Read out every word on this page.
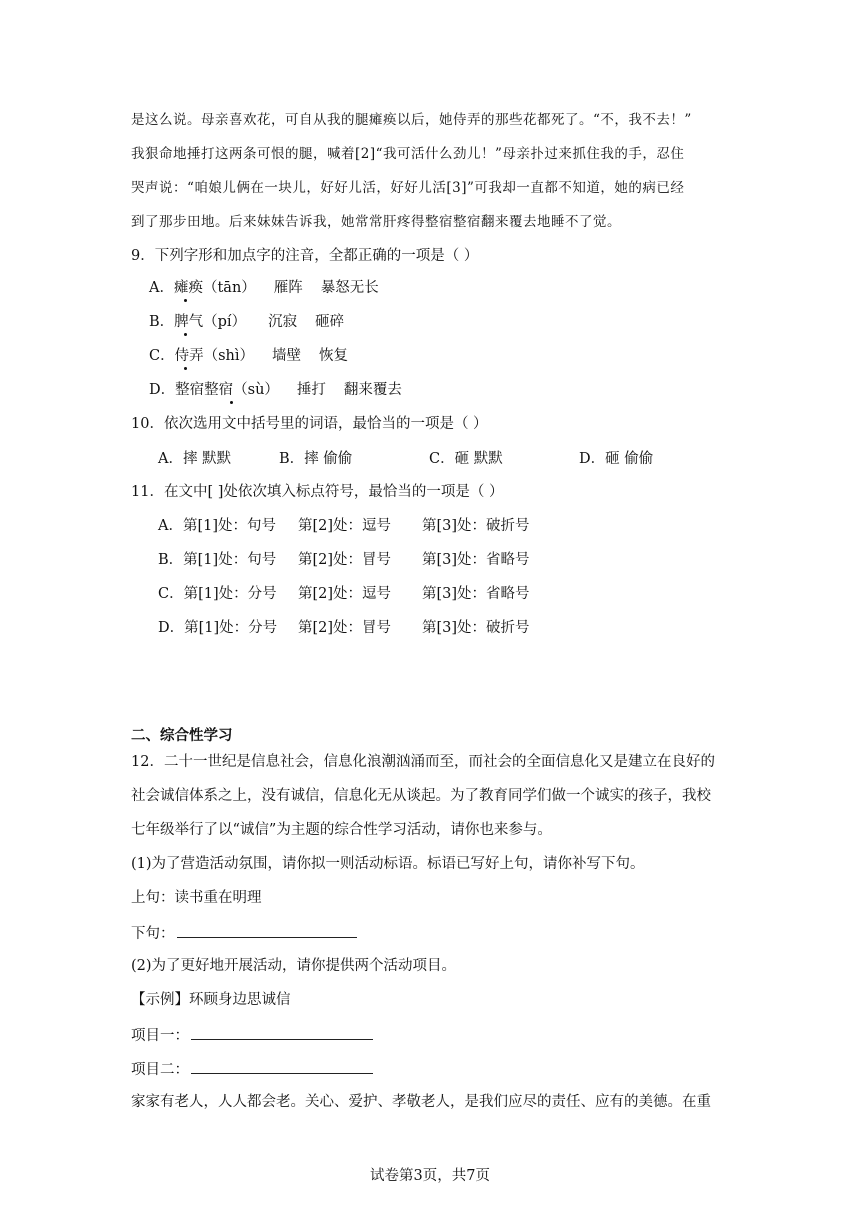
是这么说。母亲喜欢花，可自从我的腿瘫痪以后，她侍弄的那些花都死了。“不，我不去！”
我狠命地捶打这两条可恨的腿，喊着[2]“我可活什么劲儿！”母亲扑过来抓住我的手，忍住
哭声说：“咱娘儿俩在一块儿，好好儿活，好好儿活[3]”可我却一直都不知道，她的病已经
到了那步田地。后来妹妹告诉我，她常常肝疼得整宿整宿翻来覆去地睡不了觉。
9．下列字形和加点字的注音，全都正确的一项是（ ）
A．瘫痪（tān） 雁阵 暴怒无长
B．脾气（pí） 沉寂 砸碎
C．侍弄（shì） 墙壁 恢复
D．整宿整宿（sù） 捶打 翻来覆去
10．依次选用文中括号里的词语，最恰当的一项是（ ）
A．摔 默默	B．摔 偷偷	C．砸 默默	D．砸 偷偷
11．在文中[ ]处依次填入标点符号，最恰当的一项是（ ）
A．第[1]处：句号 第[2]处：逗号 第[3]处：破折号
B．第[1]处：句号 第[2]处：冒号 第[3]处：省略号
C．第[1]处：分号 第[2]处：逗号 第[3]处：省略号
D．第[1]处：分号 第[2]处：冒号 第[3]处：破折号
二、综合性学习
12．二十一世纪是信息社会，信息化浪潮汹涌而至，而社会的全面信息化又是建立在良好的
社会诚信体系之上，没有诚信，信息化无从谈起。为了教育同学们做一个诚实的孩子，我校
七年级举行了以“诚信”为主题的综合性学习活动，请你也来参与。
(1)为了营造活动氛围，请你拟一则活动标语。标语已写好上句，请你补写下句。
上句：读书重在明理
下句：
(2)为了更好地开展活动，请你提供两个活动项目。
【示例】环顾身边思诚信
项目一：
项目二：
家家有老人，人人都会老。关心、爱护、孝敬老人，是我们应尽的责任、应有的美德。在重
试卷第3页，共7页
